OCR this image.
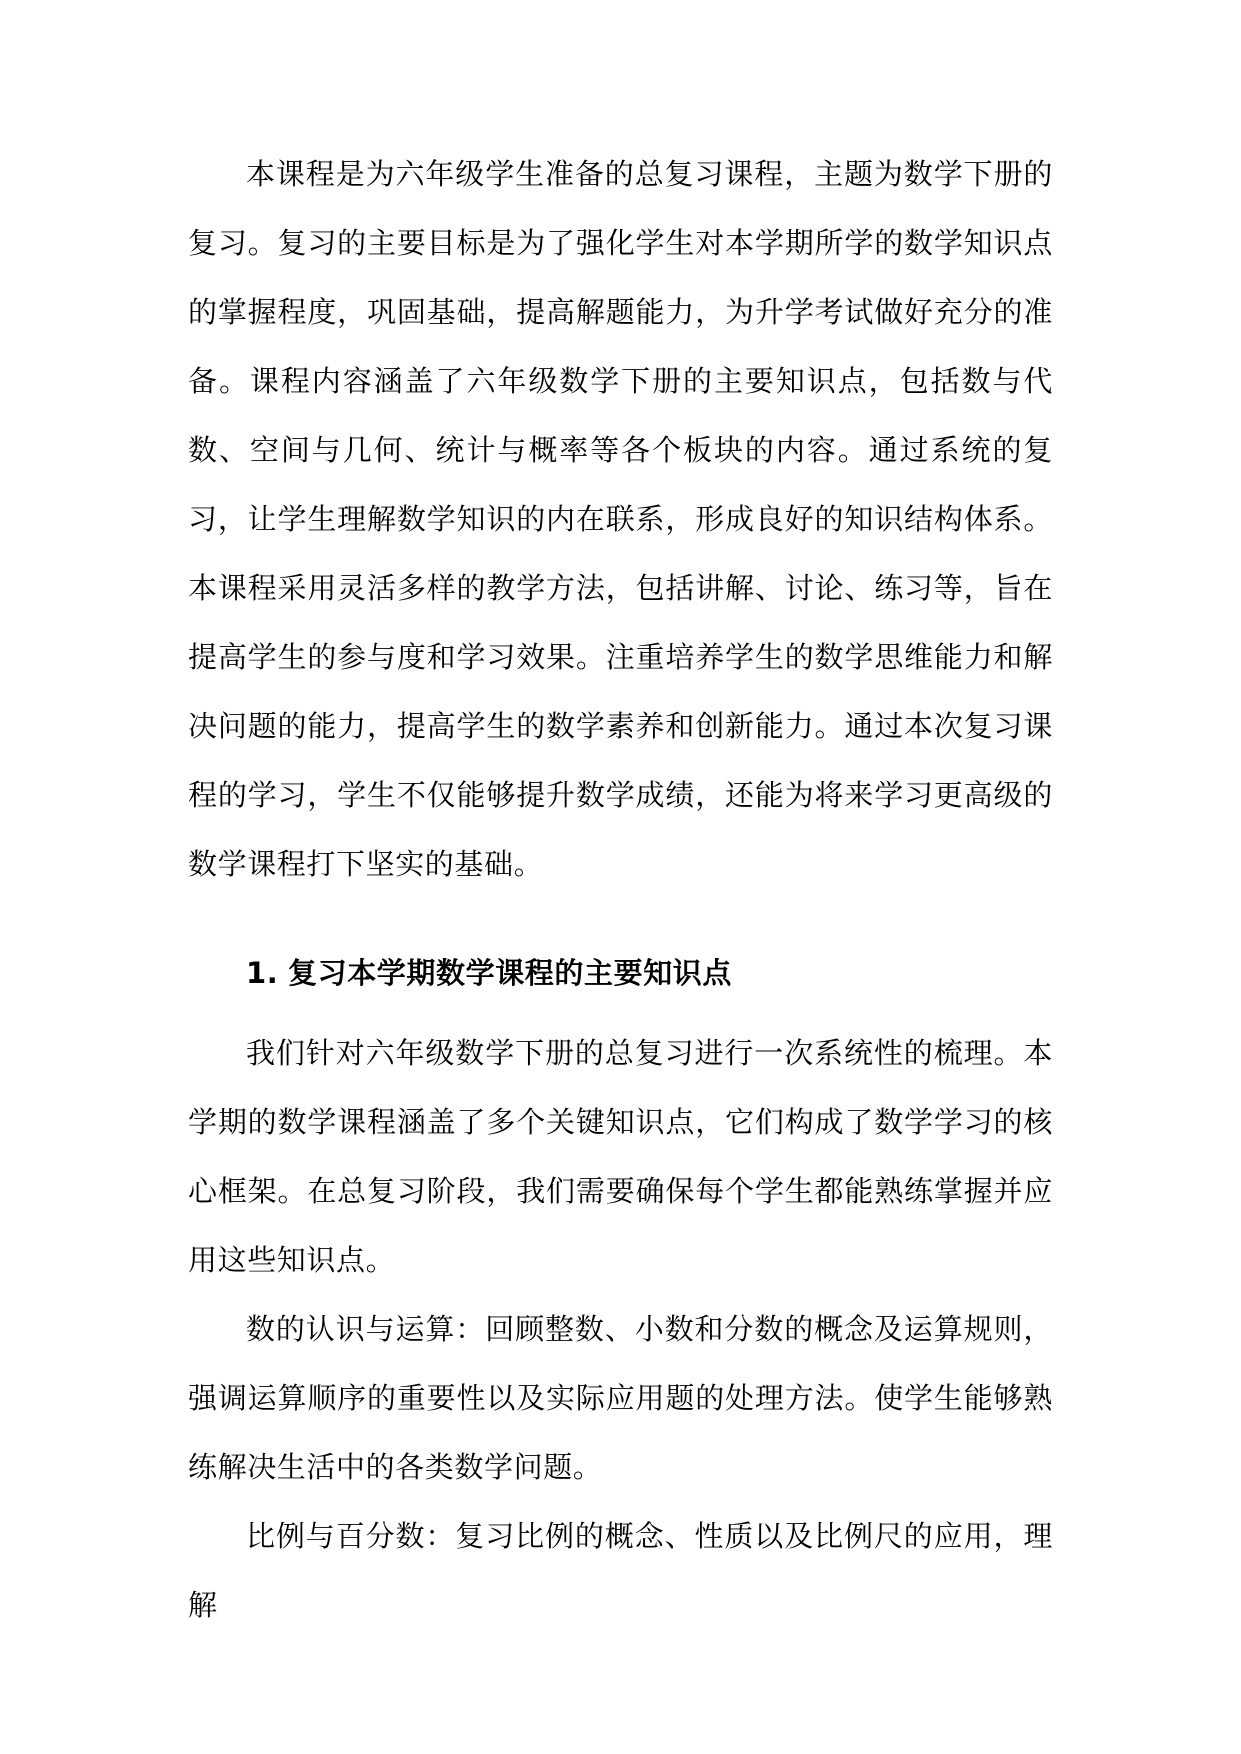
本课程是为六年级学生准备的总复习课程，主题为数学下册的复习。复习的主要目标是为了强化学生对本学期所学的数学知识点的掌握程度，巩固基础，提高解题能力，为升学考试做好充分的准备。课程内容涵盖了六年级数学下册的主要知识点，包括数与代数、空间与几何、统计与概率等各个板块的内容。通过系统的复习，让学生理解数学知识的内在联系，形成良好的知识结构体系。本课程采用灵活多样的教学方法，包括讲解、讨论、练习等，旨在提高学生的参与度和学习效果。注重培养学生的数学思维能力和解决问题的能力，提高学生的数学素养和创新能力。通过本次复习课程的学习，学生不仅能够提升数学成绩，还能为将来学习更高级的数学课程打下坚实的基础。

1. 复习本学期数学课程的主要知识点

我们针对六年级数学下册的总复习进行一次系统性的梳理。本学期的数学课程涵盖了多个关键知识点，它们构成了数学学习的核心框架。在总复习阶段，我们需要确保每个学生都能熟练掌握并应用这些知识点。

数的认识与运算：回顾整数、小数和分数的概念及运算规则，强调运算顺序的重要性以及实际应用题的处理方法。使学生能够熟练解决生活中的各类数学问题。

比例与百分数：复习比例的概念、性质以及比例尺的应用，理解
